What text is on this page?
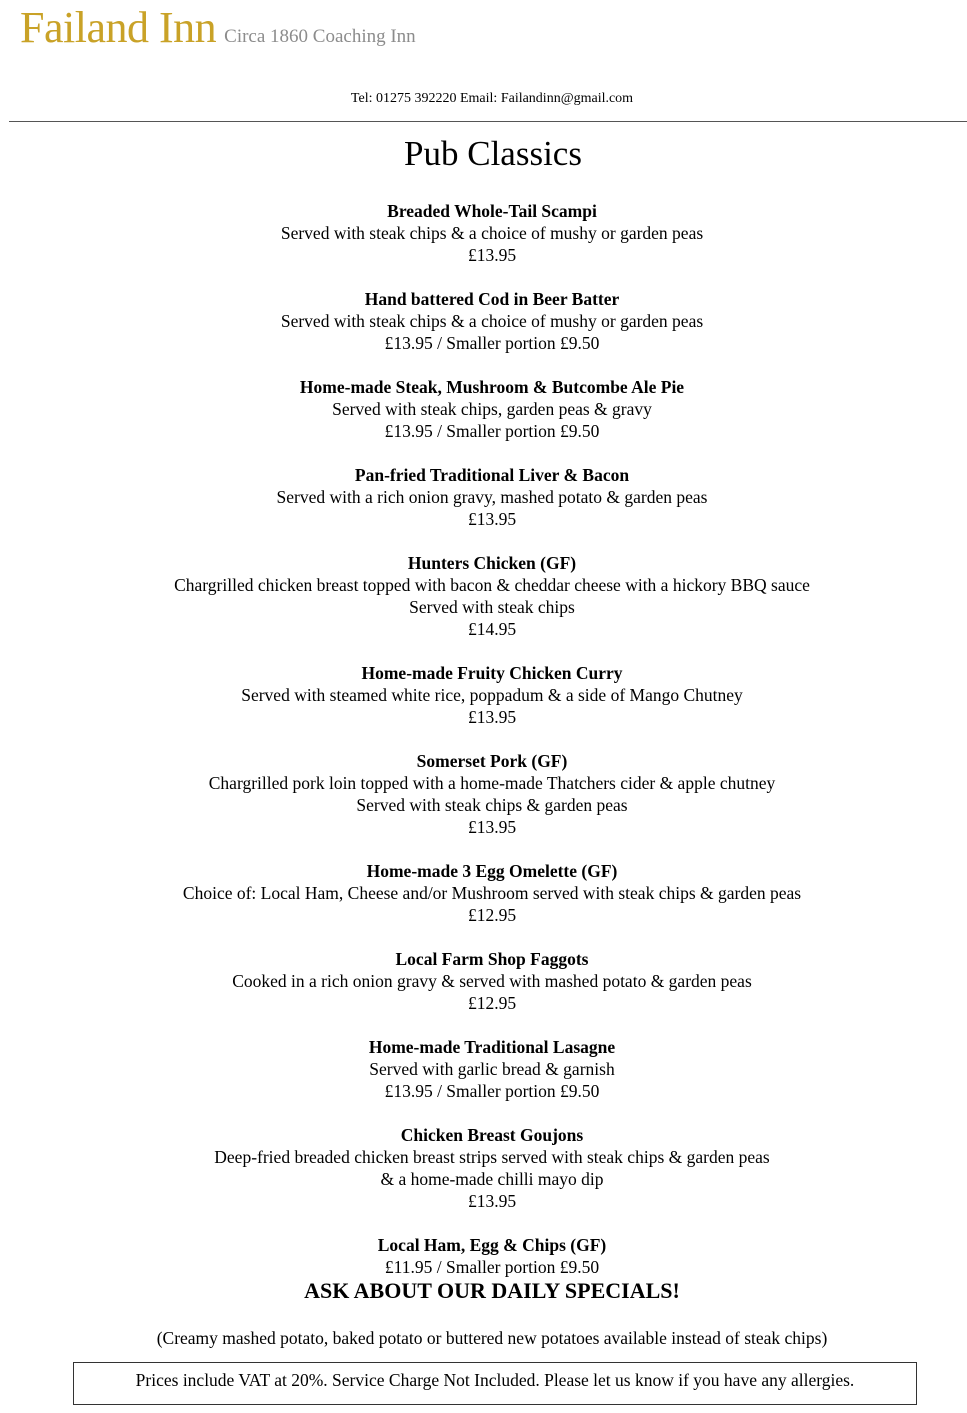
Failand Inn Circa 1860 Coaching Inn
Tel: 01275 392220 Email: Failandinn@gmail.com
Pub Classics
Breaded Whole-Tail Scampi
Served with steak chips & a choice of mushy or garden peas
£13.95
Hand battered Cod in Beer Batter
Served with steak chips & a choice of mushy or garden peas
£13.95 / Smaller portion £9.50
Home-made Steak, Mushroom & Butcombe Ale Pie
Served with steak chips, garden peas & gravy
£13.95 / Smaller portion £9.50
Pan-fried Traditional Liver & Bacon
Served with a rich onion gravy, mashed potato & garden peas
£13.95
Hunters Chicken (GF)
Chargrilled chicken breast topped with bacon & cheddar cheese with a hickory BBQ sauce
Served with steak chips
£14.95
Home-made Fruity Chicken Curry
Served with steamed white rice, poppadum & a side of Mango Chutney
£13.95
Somerset Pork (GF)
Chargrilled pork loin topped with a home-made Thatchers cider & apple chutney
Served with steak chips & garden peas
£13.95
Home-made 3 Egg Omelette (GF)
Choice of: Local Ham, Cheese and/or Mushroom served with steak chips & garden peas
£12.95
Local Farm Shop Faggots
Cooked in a rich onion gravy & served with mashed potato & garden peas
£12.95
Home-made Traditional Lasagne
Served with garlic bread & garnish
£13.95 / Smaller portion £9.50
Chicken Breast Goujons
Deep-fried breaded chicken breast strips served with steak chips & garden peas
& a home-made chilli mayo dip
£13.95
Local Ham, Egg & Chips (GF)
£11.95 / Smaller portion £9.50
ASK ABOUT OUR DAILY SPECIALS!
(Creamy mashed potato, baked potato or buttered new potatoes available instead of steak chips)
Prices include VAT at 20%. Service Charge Not Included. Please let us know if you have any allergies.
